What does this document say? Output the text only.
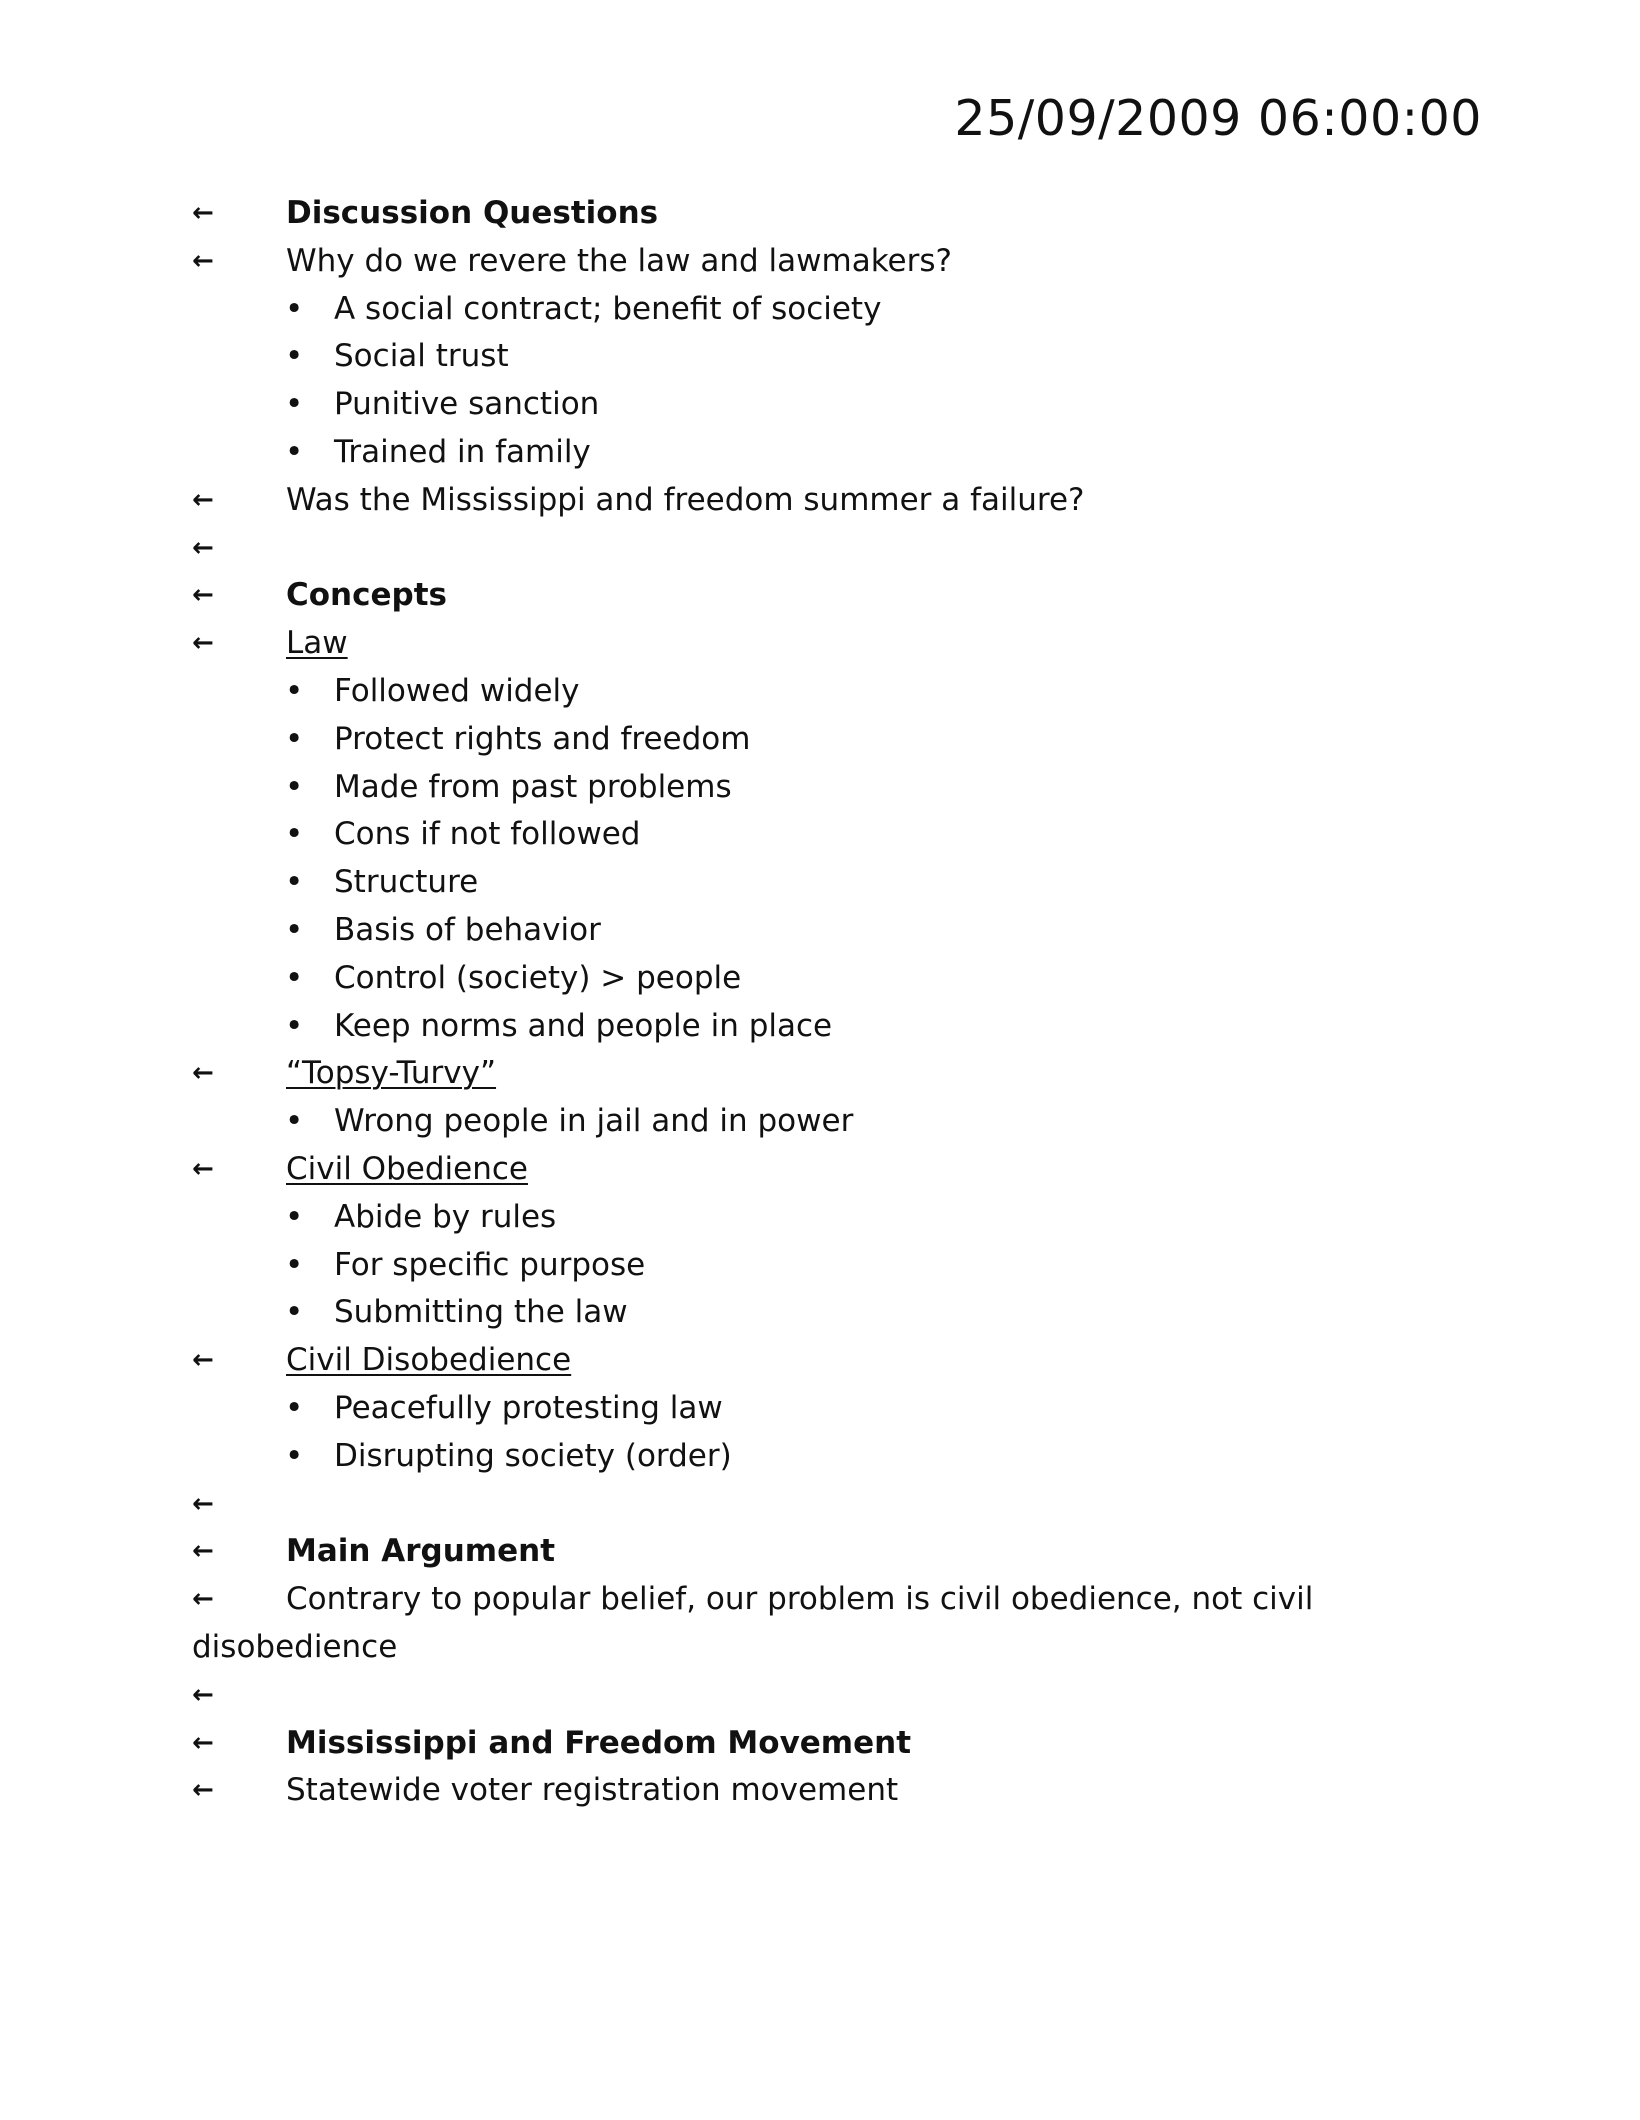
25/09/2009 06:00:00
← Discussion Questions
← Why do we revere the law and lawmakers?
• A social contract; benefit of society
• Social trust
• Punitive sanction
• Trained in family
← Was the Mississippi and freedom summer a failure?
←
← Concepts
← Law
• Followed widely
• Protect rights and freedom
• Made from past problems
• Cons if not followed
• Structure
• Basis of behavior
• Control (society) > people
• Keep norms and people in place
← “Topsy-Turvy”
• Wrong people in jail and in power
← Civil Obedience
• Abide by rules
• For specific purpose
• Submitting the law
← Civil Disobedience
• Peacefully protesting law
• Disrupting society (order)
←
← Main Argument
← Contrary to popular belief, our problem is civil obedience, not civil
disobedience
←
← Mississippi and Freedom Movement
← Statewide voter registration movement
